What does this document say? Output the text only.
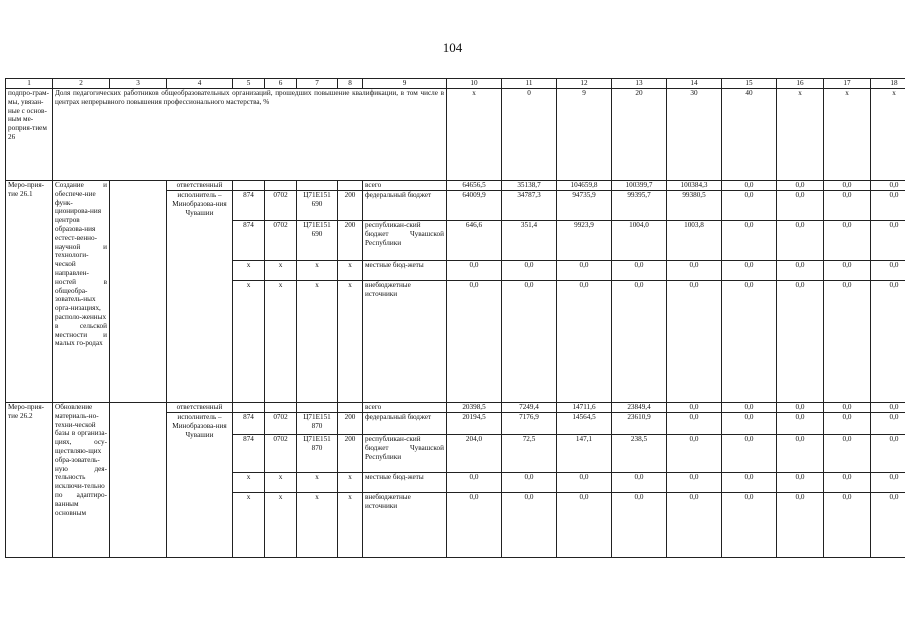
104
1	2	3	4	5	6	7	8	9	10	11	12	13	14	15	16	17	18
подпро-грам-мы, увязан-ные с основ-ным ме-роприя-тием 26	Доля педагогических работников общеобразовательных организаций, прошедших повышение квалификации, в том числе в центрах непрерывного повышения профессионального мастерства, %								x	0	9	20	30	40	x	x	x
Меро-прия-тие 26.1	Создание и обеспече-ние функ-ционирова-ния центров образова-ния естест-венно-научной и технологи-ческой направлен-ностей в общеобра-зователь-ных орга-низациях, располо-женных в сельской местности и малых го-родах		ответственный					всего	64656,5	35138,7	104659,8	100399,7	100384,3	0,0	0,0	0,0	0,0
			исполнитель – Минобразова-ния Чувашии	874	0702	Ц71Е151 690	200	федеральный бюджет	64009,9	34787,3	94735,9	99395,7	99380,5	0,0	0,0	0,0	0,0
				874	0702	Ц71Е151 690	200	республикан-ский бюджет Чувашской Республики	646,6	351,4	9923,9	1004,0	1003,8	0,0	0,0	0,0	0,0
				x	x	x	x	местные бюд-жеты	0,0	0,0	0,0	0,0	0,0	0,0	0,0	0,0	0,0
				x	x	x	x	внебюджетные источники	0,0	0,0	0,0	0,0	0,0	0,0	0,0	0,0	0,0
Меро-прия-тие 26.2	Обновление материаль-но-техни-ческой базы в организа-циях, осу-ществляю-щих обра-зователь-ную дея-тельность исключи-тельно по адаптиро-ванным основным		ответственный					всего	20398,5	7249,4	14711,6	23849,4	0,0	0,0	0,0	0,0	0,0
			исполнитель – Минобразова-ния Чувашии	874	0702	Ц71Е151 870	200	федеральный бюджет	20194,5	7176,9	14564,5	23610,9	0,0	0,0	0,0	0,0	0,0
				874	0702	Ц71Е151 870	200	республикан-ский бюджет Чувашской Республики	204,0	72,5	147,1	238,5	0,0	0,0	0,0	0,0	0,0
				x	x	x	x	местные бюд-жеты	0,0	0,0	0,0	0,0	0,0	0,0	0,0	0,0	0,0
				x	x	x	x	внебюджетные источники	0,0	0,0	0,0	0,0	0,0	0,0	0,0	0,0	0,0
